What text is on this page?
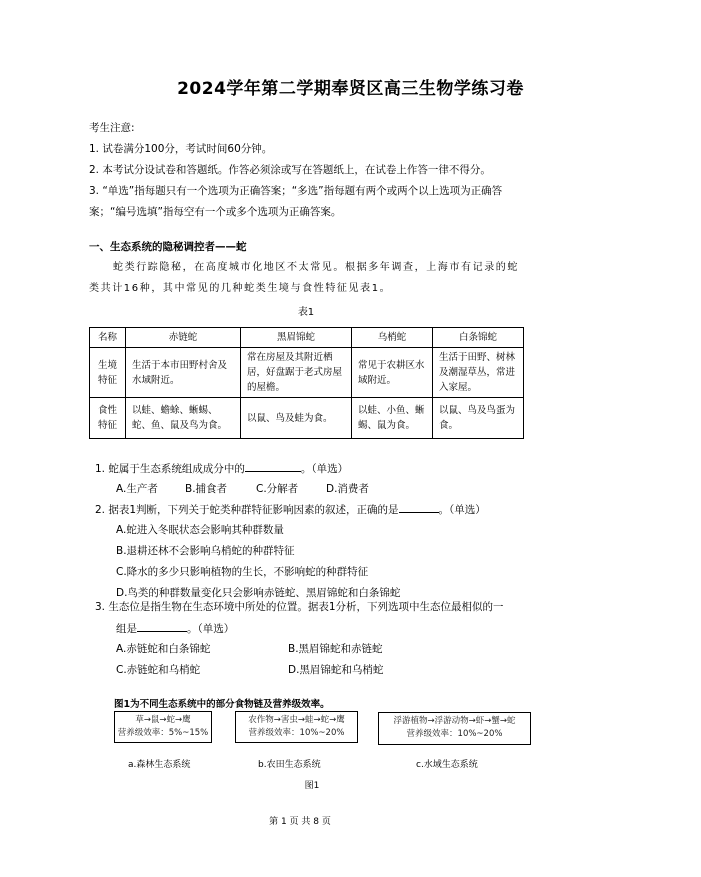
2024学年第二学期奉贤区高三生物学练习卷
考生注意:
1. 试卷满分100分，考试时间60分钟。
2. 本考试分设试卷和答题纸。作答必须涂或写在答题纸上，在试卷上作答一律不得分。
3. “单选”指每题只有一个选项为正确答案；“多选”指每题有两个或两个以上选项为正确答
案；“编号选填”指每空有一个或多个选项为正确答案。
一、生态系统的隐秘调控者——蛇
蛇类行踪隐秘，在高度城市化地区不太常见。根据多年调查，上海市有记录的蛇
类共计16种，其中常见的几种蛇类生境与食性特征见表1。
表1
名称	赤链蛇	黑眉锦蛇	乌梢蛇	白条锦蛇
生境特征	生活于本市田野村舍及水域附近。	常在房屋及其附近栖居，好盘踞于老式房屋的屋檐。	常见于农耕区水域附近。	生活于田野、树林及潮湿草丛，常进入家屋。
食性特征	以蛙、蟾蜍、蜥蜴、蛇、鱼、鼠及鸟为食。	以鼠、鸟及蛙为食。	以蛙、小鱼、蜥蜴、鼠为食。	以鼠、鸟及鸟蛋为食。
1. 蛇属于生态系统组成成分中的	。（单选）
A.生产者	B.捕食者	C.分解者	D.消费者
2. 据表1判断，下列关于蛇类种群特征影响因素的叙述，正确的是	。（单选）
A.蛇进入冬眠状态会影响其种群数量
B.退耕还林不会影响乌梢蛇的种群特征
C.降水的多少只影响植物的生长，不影响蛇的种群特征
D.鸟类的种群数量变化只会影响赤链蛇、黑眉锦蛇和白条锦蛇
3. 生态位是指生物在生态环境中所处的位置。据表1分析，下列选项中生态位最相似的一
组是	。（单选）
A.赤链蛇和白条锦蛇	B.黑眉锦蛇和赤链蛇
C.赤链蛇和乌梢蛇	D.黑眉锦蛇和乌梢蛇
图1为不同生态系统中的部分食物链及营养级效率。
草→鼠→蛇→鹰
营养级效率：5%~15%
农作物→害虫→蛙→蛇→鹰
营养级效率：10%~20%
浮游植物→浮游动物→虾→蟹→蛇
营养级效率：10%~20%
a.森林生态系统	b.农田生态系统	c.水域生态系统
图1
第 1 页 共 8 页
